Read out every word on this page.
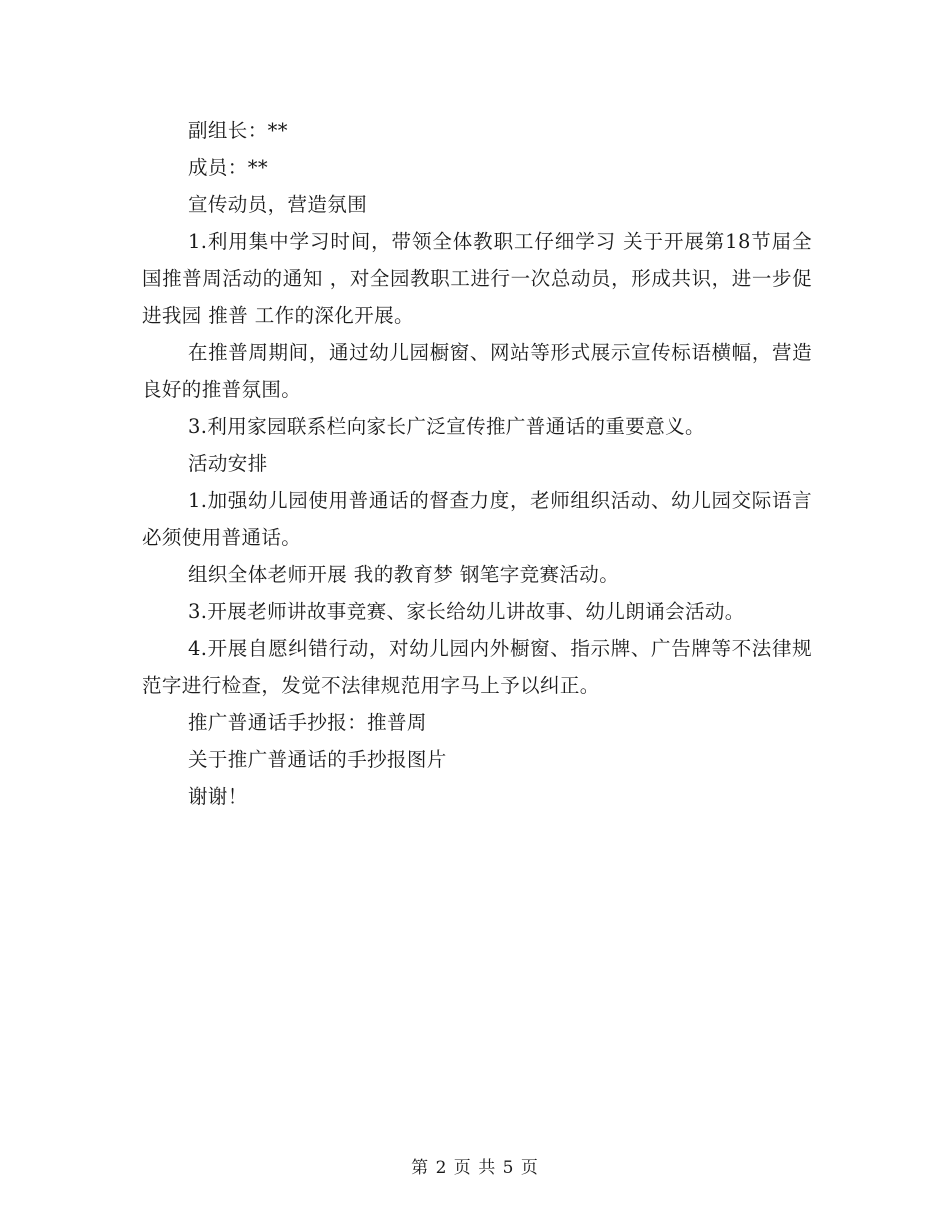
副组长：**

成员：**

宣传动员，营造氛围

1.利用集中学习时间，带领全体教职工仔细学习 关于开展第18节届全国推普周活动的通知 ，对全园教职工进行一次总动员，形成共识，进一步促进我园 推普 工作的深化开展。

在推普周期间，通过幼儿园橱窗、网站等形式展示宣传标语横幅，营造良好的推普氛围。

3.利用家园联系栏向家长广泛宣传推广普通话的重要意义。

活动安排

1.加强幼儿园使用普通话的督查力度，老师组织活动、幼儿园交际语言必须使用普通话。

组织全体老师开展 我的教育梦 钢笔字竞赛活动。

3.开展老师讲故事竞赛、家长给幼儿讲故事、幼儿朗诵会活动。

4.开展自愿纠错行动，对幼儿园内外橱窗、指示牌、广告牌等不法律规范字进行检查，发觉不法律规范用字马上予以纠正。

推广普通话手抄报：推普周

关于推广普通话的手抄报图片

谢谢！

第 2 页 共 5 页
